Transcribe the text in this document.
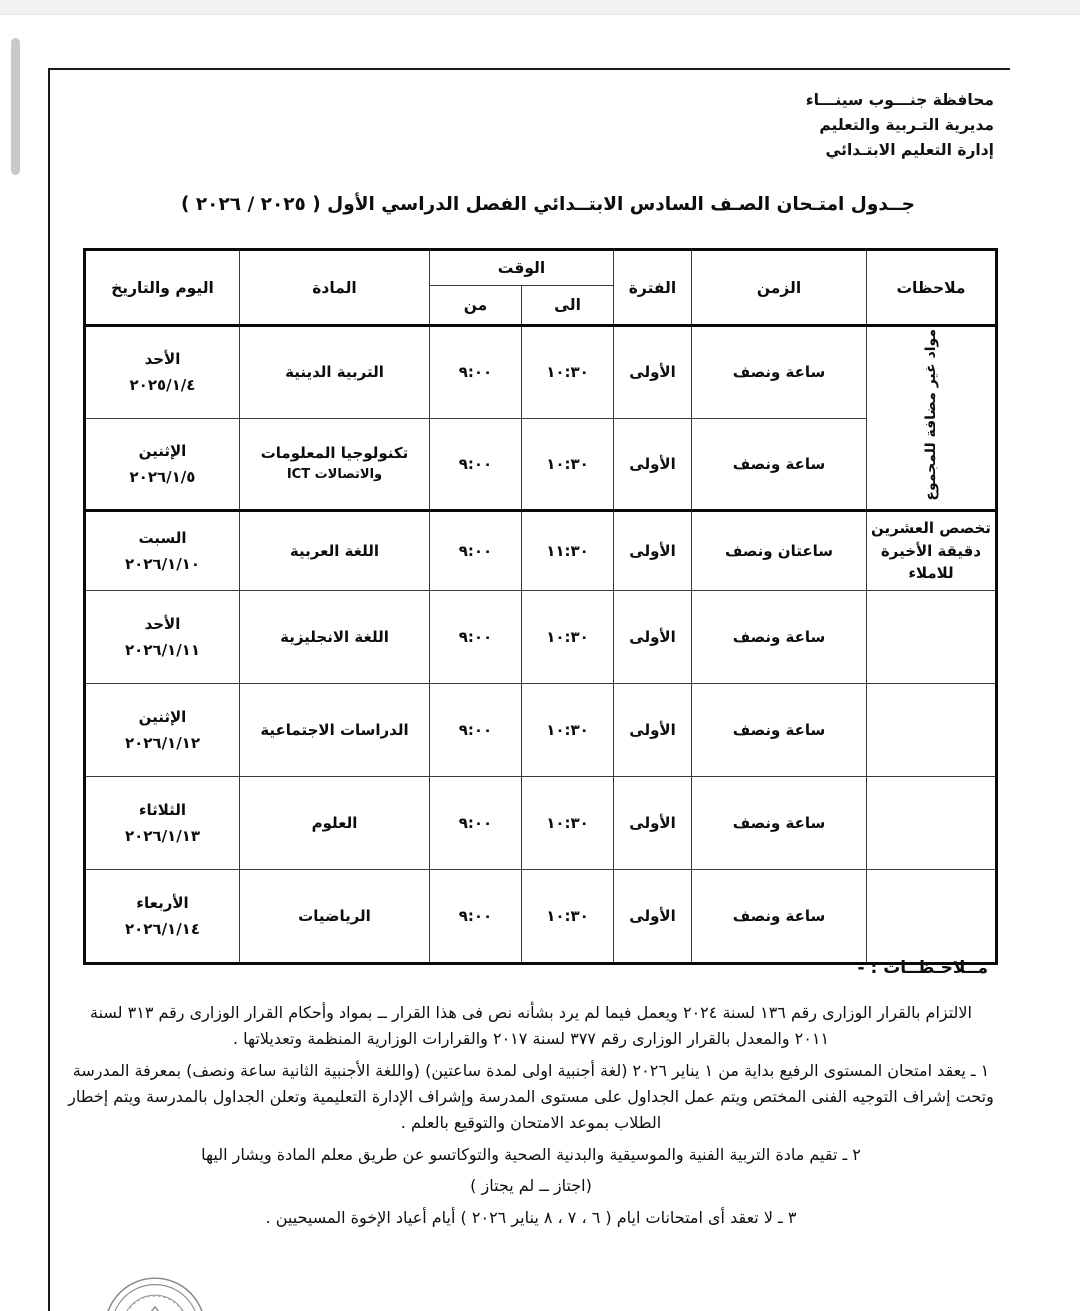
محافظة جنـــوب سينـــاء
مديرية التـربية والتعليم
إدارة التعليم الابتـدائي
جــدول امتـحان الصـف السادس الابتــدائي الفصل الدراسي الأول ( ٢٠٢٥ / ٢٠٢٦ )
ملاحظات	الزمن	الفترة	الوقت		المادة	اليوم والتاريخ
			الى	من		
مواد غير مضافة للمجموع	ساعة ونصف	الأولى	١٠:٣٠	٩:٠٠	التربية الدينية	الأحد
٢٠٢٥/١/٤

	ساعة ونصف	الأولى	١٠:٣٠	٩:٠٠	تكنولوجيا المعلومات
والاتصالات ICT	الإثنين
٢٠٢٦/١/٥

تخصص العشرين دقيقة الأخيرة للاملاء	ساعتان ونصف	الأولى	١١:٣٠	٩:٠٠	اللغة العربية	السبت
٢٠٢٦/١/١٠

	ساعة ونصف	الأولى	١٠:٣٠	٩:٠٠	اللغة الانجليزية	الأحد
٢٠٢٦/١/١١

	ساعة ونصف	الأولى	١٠:٣٠	٩:٠٠	الدراسات الاجتماعية	الإثنين
٢٠٢٦/١/١٢

	ساعة ونصف	الأولى	١٠:٣٠	٩:٠٠	العلوم	الثلاثاء
٢٠٢٦/١/١٣

	ساعة ونصف	الأولى	١٠:٣٠	٩:٠٠	الرياضيات	الأربعاء
٢٠٢٦/١/١٤
مــلاحـظــات : -

الالتزام بالقرار الوزارى رقم ١٣٦ لسنة ٢٠٢٤ ويعمل فيما لم يرد بشأنه نص فى هذا القرار ــ بمواد وأحكام القرار الوزارى رقم ٣١٣ لسنة ٢٠١١ والمعدل بالقرار الوزارى رقم ٣٧٧ لسنة ٢٠١٧ والقرارات الوزارية المنظمة وتعديلاتها .

١ ـ يعقد امتحان المستوى الرفيع بداية من ١ يناير ٢٠٢٦ (لغة أجنبية اولى لمدة ساعتين) (واللغة الأجنبية الثانية ساعة ونصف) بمعرفة المدرسة وتحت إشراف التوجيه الفنى المختص ويتم عمل الجداول على مستوى المدرسة وإشراف الإدارة التعليمية وتعلن الجداول بالمدرسة ويتم إخطار الطلاب بموعد الامتحان والتوقيع بالعلم .

٢ ـ تقيم مادة التربية الفنية والموسيقية والبدنية الصحية والتوكاتسو عن طريق معلم المادة ويشار اليها

(اجتاز ــ لم يجتاز )

٣ ـ لا تعقد أى امتحانات ايام ( ٦ ، ٧ ، ٨ يناير ٢٠٢٦ ) أيام أعياد الإخوة المسيحيين .
